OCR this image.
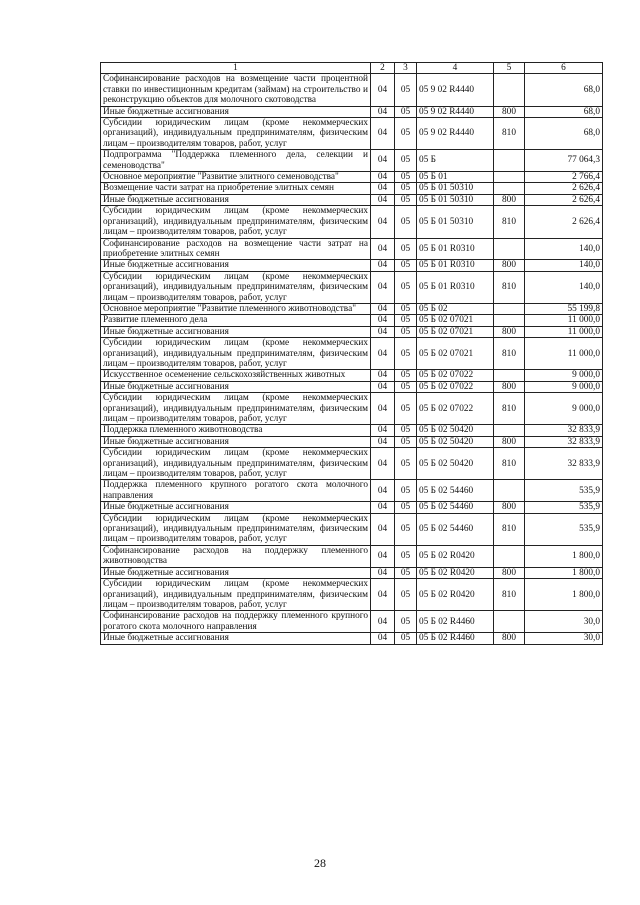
1	2	3	4	5	6
Софинансирование расходов на возмещение части процентной ставки по инвестиционным кредитам (займам) на строительство и реконструкцию объектов для молочного скотоводства	04	05	05 9 02 R4440		68,0
Иные бюджетные ассигнования	04	05	05 9 02 R4440	800	68,0
Субсидии юридическим лицам (кроме некоммерческих организаций), индивидуальным предпринимателям, физическим лицам – производителям товаров, работ, услуг	04	05	05 9 02 R4440	810	68,0
Подпрограмма "Поддержка племенного дела, селекции и семеноводства"	04	05	05 Б		77 064,3
Основное мероприятие "Развитие элитного семеноводства"	04	05	05 Б 01		2 766,4
Возмещение части затрат на приобретение элитных семян	04	05	05 Б 01 50310		2 626,4
Иные бюджетные ассигнования	04	05	05 Б 01 50310	800	2 626,4
Субсидии юридическим лицам (кроме некоммерческих организаций), индивидуальным предпринимателям, физическим лицам – производителям товаров, работ, услуг	04	05	05 Б 01 50310	810	2 626,4
Софинансирование расходов на возмещение части затрат на приобретение элитных семян	04	05	05 Б 01 R0310		140,0
Иные бюджетные ассигнования	04	05	05 Б 01 R0310	800	140,0
Субсидии юридическим лицам (кроме некоммерческих организаций), индивидуальным предпринимателям, физическим лицам – производителям товаров, работ, услуг	04	05	05 Б 01 R0310	810	140,0
Основное мероприятие "Развитие племенного животноводства"	04	05	05 Б 02		55 199,8
Развитие племенного дела	04	05	05 Б 02 07021		11 000,0
Иные бюджетные ассигнования	04	05	05 Б 02 07021	800	11 000,0
Субсидии юридическим лицам (кроме некоммерческих организаций), индивидуальным предпринимателям, физическим лицам – производителям товаров, работ, услуг	04	05	05 Б 02 07021	810	11 000,0
Искусственное осеменение сельскохозяйственных животных	04	05	05 Б 02 07022		9 000,0
Иные бюджетные ассигнования	04	05	05 Б 02 07022	800	9 000,0
Субсидии юридическим лицам (кроме некоммерческих организаций), индивидуальным предпринимателям, физическим лицам – производителям товаров, работ, услуг	04	05	05 Б 02 07022	810	9 000,0
Поддержка племенного животноводства	04	05	05 Б 02 50420		32 833,9
Иные бюджетные ассигнования	04	05	05 Б 02 50420	800	32 833,9
Субсидии юридическим лицам (кроме некоммерческих организаций), индивидуальным предпринимателям, физическим лицам – производителям товаров, работ, услуг	04	05	05 Б 02 50420	810	32 833,9
Поддержка племенного крупного рогатого скота молочного направления	04	05	05 Б 02 54460		535,9
Иные бюджетные ассигнования	04	05	05 Б 02 54460	800	535,9
Субсидии юридическим лицам (кроме некоммерческих организаций), индивидуальным предпринимателям, физическим лицам – производителям товаров, работ, услуг	04	05	05 Б 02 54460	810	535,9
Софинансирование расходов на поддержку племенного животноводства	04	05	05 Б 02 R0420		1 800,0
Иные бюджетные ассигнования	04	05	05 Б 02 R0420	800	1 800,0
Субсидии юридическим лицам (кроме некоммерческих организаций), индивидуальным предпринимателям, физическим лицам – производителям товаров, работ, услуг	04	05	05 Б 02 R0420	810	1 800,0
Софинансирование расходов на поддержку племенного крупного рогатого скота молочного направления	04	05	05 Б 02 R4460		30,0
Иные бюджетные ассигнования	04	05	05 Б 02 R4460	800	30,0
28
